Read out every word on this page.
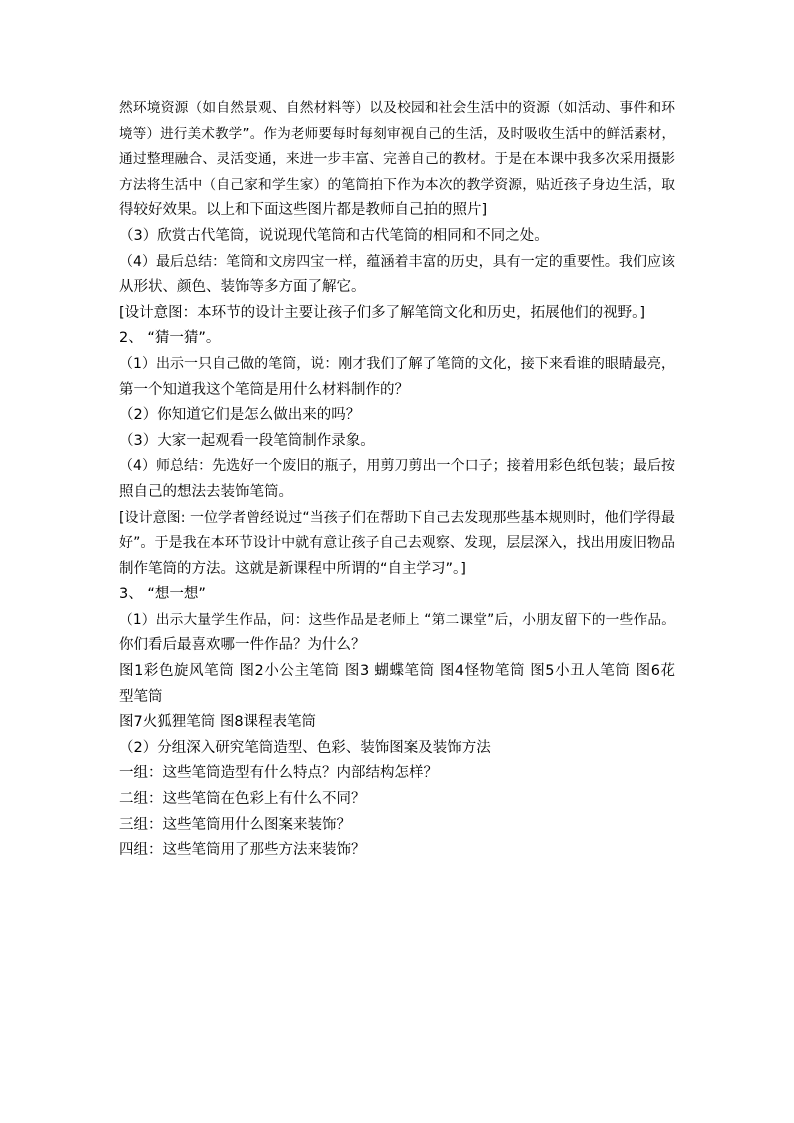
然环境资源（如自然景观、自然材料等）以及校园和社会生活中的资源（如活动、事件和环
境等）进行美术教学”。作为老师要每时每刻审视自己的生活，及时吸收生活中的鲜活素材，
通过整理融合、灵活变通，来进一步丰富、完善自己的教材。于是在本课中我多次采用摄影
方法将生活中（自己家和学生家）的笔筒拍下作为本次的教学资源，贴近孩子身边生活，取
得较好效果。以上和下面这些图片都是教师自己拍的照片]
（3）欣赏古代笔筒，说说现代笔筒和古代笔筒的相同和不同之处。
（4）最后总结：笔筒和文房四宝一样，蕴涵着丰富的历史，具有一定的重要性。我们应该
从形状、颜色、装饰等多方面了解它。
[设计意图：本环节的设计主要让孩子们多了解笔筒文化和历史，拓展他们的视野。]
2、 “猜一猜”。
（1）出示一只自己做的笔筒，说：刚才我们了解了笔筒的文化，接下来看谁的眼睛最亮，
第一个知道我这个笔筒是用什么材料制作的？
（2）你知道它们是怎么做出来的吗？
（3）大家一起观看一段笔筒制作录象。
（4）师总结：先选好一个废旧的瓶子，用剪刀剪出一个口子；接着用彩色纸包装；最后按
照自己的想法去装饰笔筒。
[设计意图: 一位学者曾经说过“当孩子们在帮助下自己去发现那些基本规则时，他们学得最
好”。于是我在本环节设计中就有意让孩子自己去观察、发现，层层深入，找出用废旧物品
制作笔筒的方法。这就是新课程中所谓的“自主学习”。]
3、 “想一想”
（1）出示大量学生作品，问：这些作品是老师上 “第二课堂”后，小朋友留下的一些作品。
你们看后最喜欢哪一件作品？为什么？
图1彩色旋风笔筒 图2小公主笔筒 图3 蝴蝶笔筒 图4怪物笔筒 图5小丑人笔筒 图6花
型笔筒
图7火狐狸笔筒 图8课程表笔筒
（2）分组深入研究笔筒造型、色彩、装饰图案及装饰方法
一组：这些笔筒造型有什么特点？内部结构怎样？
二组：这些笔筒在色彩上有什么不同？
三组：这些笔筒用什么图案来装饰？
四组：这些笔筒用了那些方法来装饰？
